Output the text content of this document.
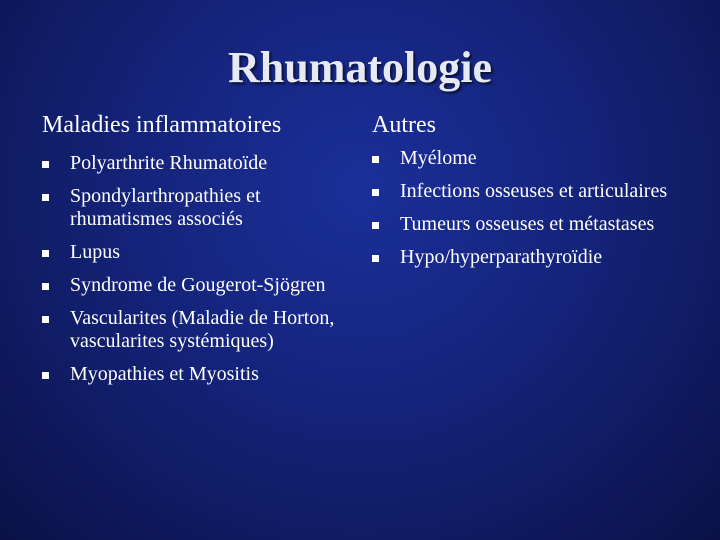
Rhumatologie
Maladies inflammatoires	Autres
Polyarthrite Rhumatoïde
Spondylarthropathies et rhumatismes associés
Lupus
Syndrome de Gougerot-Sjögren
Vascularites (Maladie de Horton, vascularites systémiques)
Myopathies et Myositis
Myélome
Infections osseuses et articulaires
Tumeurs osseuses et métastases
Hypo/hyperparathyroïdie
